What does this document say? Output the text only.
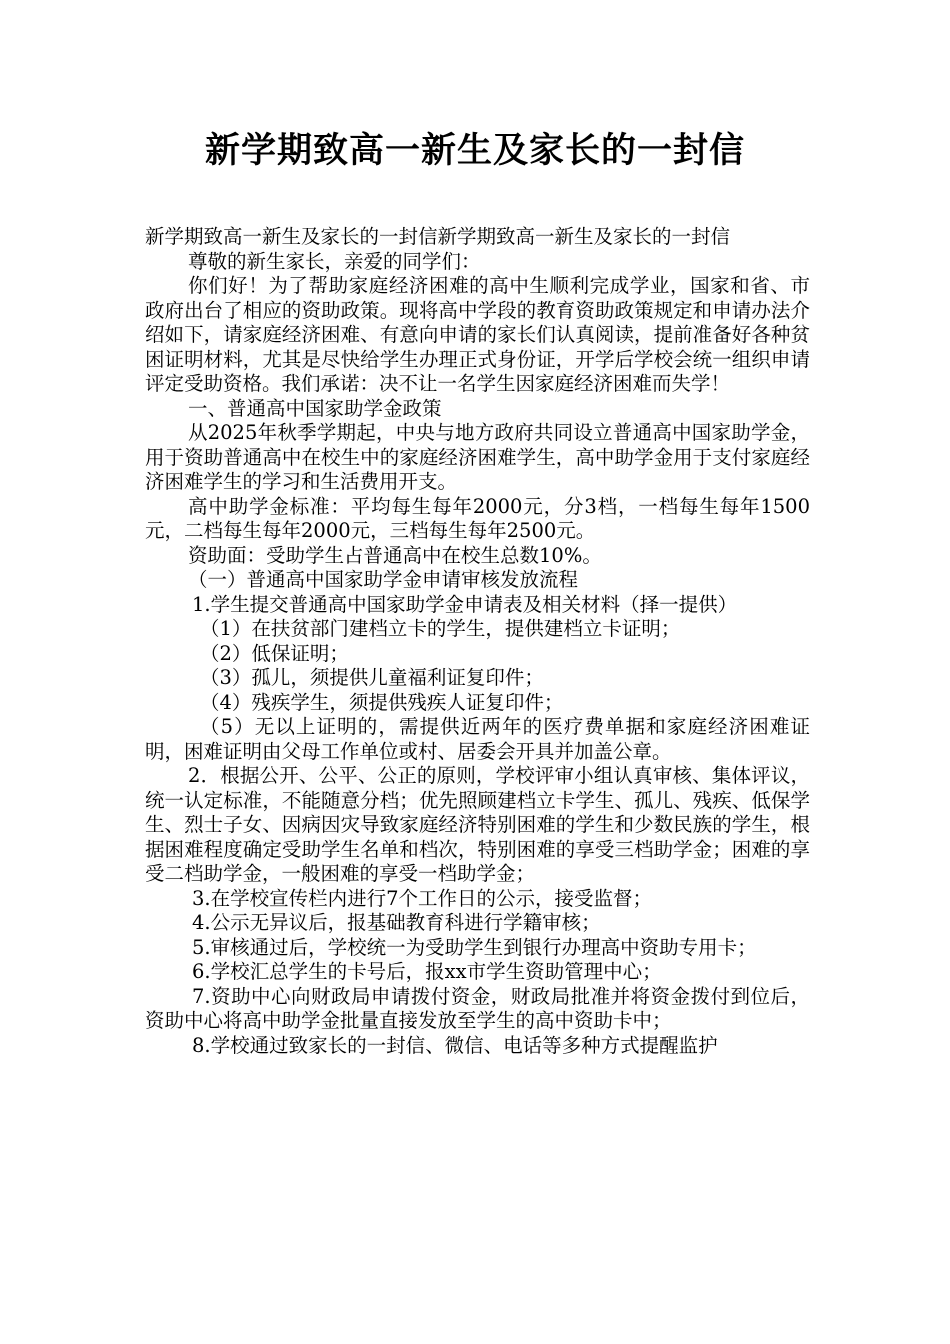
新学期致高一新生及家长的一封信

新学期致高一新生及家长的一封信新学期致高一新生及家长的一封信

尊敬的新生家长，亲爱的同学们：

你们好！为了帮助家庭经济困难的高中生顺利完成学业，国家和省、市政府出台了相应的资助政策。现将高中学段的教育资助政策规定和申请办法介绍如下，请家庭经济困难、有意向申请的家长们认真阅读，提前准备好各种贫困证明材料，尤其是尽快给学生办理正式身份证，开学后学校会统一组织申请评定受助资格。我们承诺：决不让一名学生因家庭经济困难而失学！

一、普通高中国家助学金政策

从2025年秋季学期起，中央与地方政府共同设立普通高中国家助学金，用于资助普通高中在校生中的家庭经济困难学生，高中助学金用于支付家庭经济困难学生的学习和生活费用开支。

高中助学金标准：平均每生每年2000元，分3档，一档每生每年1500元，二档每生每年2000元，三档每生每年2500元。

资助面：受助学生占普通高中在校生总数10%。

（一）普通高中国家助学金申请审核发放流程

1.学生提交普通高中国家助学金申请表及相关材料（择一提供）

（1）在扶贫部门建档立卡的学生，提供建档立卡证明；

（2）低保证明；

（3）孤儿，须提供儿童福利证复印件；

（4）残疾学生，须提供残疾人证复印件；

（5）无以上证明的，需提供近两年的医疗费单据和家庭经济困难证明，困难证明由父母工作单位或村、居委会开具并加盖公章。

2．根据公开、公平、公正的原则，学校评审小组认真审核、集体评议，统一认定标准，不能随意分档；优先照顾建档立卡学生、孤儿、残疾、低保学生、烈士子女、因病因灾导致家庭经济特别困难的学生和少数民族的学生，根据困难程度确定受助学生名单和档次，特别困难的享受三档助学金；困难的享受二档助学金，一般困难的享受一档助学金；

3.在学校宣传栏内进行7个工作日的公示，接受监督；

4.公示无异议后，报基础教育科进行学籍审核；

5.审核通过后，学校统一为受助学生到银行办理高中资助专用卡；

6.学校汇总学生的卡号后，报xx市学生资助管理中心；

7.资助中心向财政局申请拨付资金，财政局批准并将资金拨付到位后，资助中心将高中助学金批量直接发放至学生的高中资助卡中；

8.学校通过致家长的一封信、微信、电话等多种方式提醒监护
